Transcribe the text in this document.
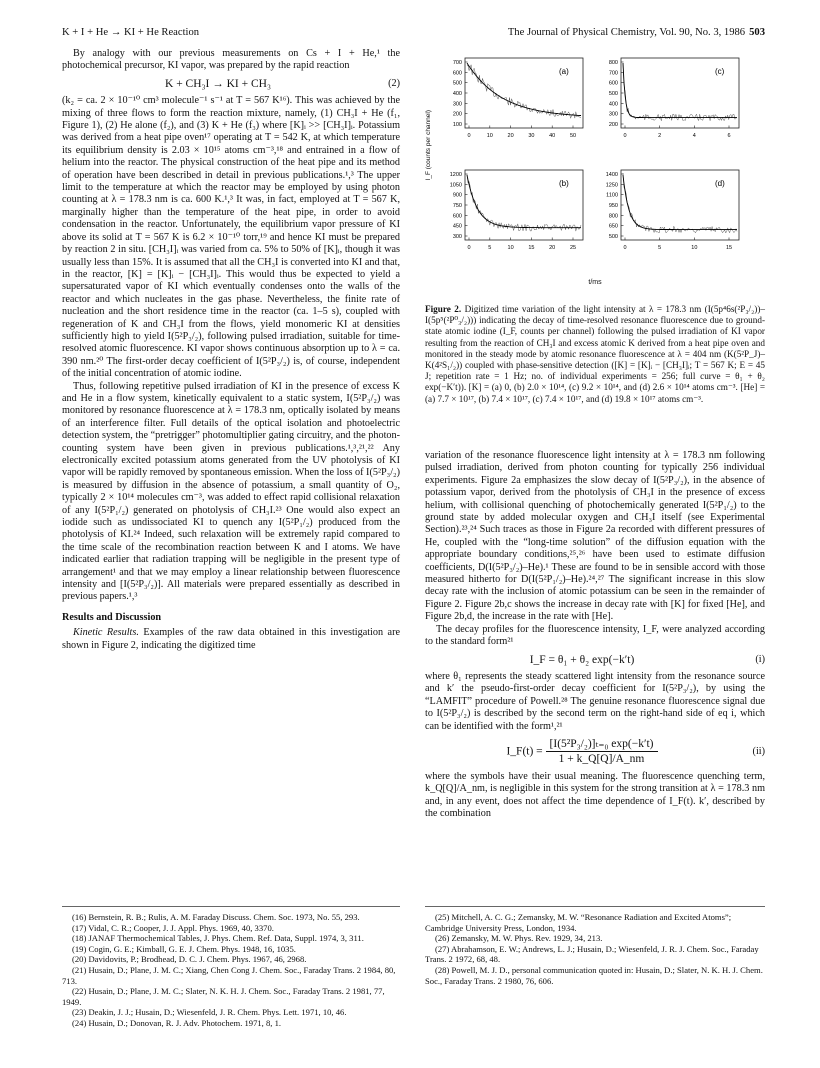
K + I + He → KI + He Reaction	The Journal of Physical Chemistry, Vol. 90, No. 3, 1986 503

By analogy with our previous measurements on Cs + I + He,¹ the photochemical precursor, KI vapor, was prepared by the rapid reaction

K + CH₃I → KI + CH₃	(2)

(k₂ = ca. 2 × 10⁻¹⁰ cm³ molecule⁻¹ s⁻¹ at T = 567 K¹⁶). This was achieved by the mixing of three flows to form the reaction mixture, namely, (1) CH₃I + He (f₁, Figure 1), (2) He alone (f₂), and (3) K + He (f₃) where [K]ᵢ >> [CH₃I]ᵢ. Potassium was derived from a heat pipe oven¹⁷ operating at T = 542 K, at which temperature its equilibrium density is 2.03 × 10¹⁵ atoms cm⁻³,¹⁸ and entrained in a flow of helium into the reactor. The physical construction of the heat pipe and its method of operation have been described in detail in previous publications.¹,³ The upper limit to the temperature at which the reactor may be employed by using photon counting at λ = 178.3 nm is ca. 600 K.¹,³ It was, in fact, employed at T = 567 K, marginally higher than the temperature of the heat pipe, in order to avoid condensation in the reactor. Unfortunately, the equilibrium vapor pressure of KI above its solid at T = 567 K is 6.2 × 10⁻¹⁰ torr,¹⁹ and hence KI must be prepared by reaction 2 in situ. [CH₃I]ᵢ was varied from ca. 5% to 50% of [K]ᵢ, though it was usually less than 15%. It is assumed that all the CH₃I is converted into KI and that, in the reactor, [K] = [K]ᵢ − [CH₃I]ᵢ. This would thus be expected to yield a supersaturated vapor of KI which eventually condenses onto the walls of the reactor and which nucleates in the gas phase. Nevertheless, the finite rate of nucleation and the short residence time in the reactor (ca. 1–5 s), coupled with regeneration of K and CH₃I from the flows, yield monomeric KI at densities sufficiently high to yield I(5²P₃/₂), following pulsed irradiation, suitable for time-resolved atomic fluorescence. KI vapor shows continuous absorption up to λ = ca. 390 nm.²⁰ The first-order decay coefficient of I(5²P₃/₂) is, of course, independent of the initial concentration of atomic iodine.

Thus, following repetitive pulsed irradiation of KI in the presence of excess K and He in a flow system, kinetically equivalent to a static system, I(5²P₃/₂) was monitored by resonance fluorescence at λ = 178.3 nm, optically isolated by means of an interference filter. Full details of the optical isolation and photoelectric detection system, the “pretrigger” photomultiplier gating circuitry, and the photon-counting system have been given in previous publications.¹,³,²¹,²² Any electronically excited potassium atoms generated from the UV photolysis of KI vapor will be rapidly removed by spontaneous emission. When the loss of I(5²P₃/₂) is measured by diffusion in the absence of potassium, a small quantity of O₂, typically 2 × 10¹⁴ molecules cm⁻³, was added to effect rapid collisional relaxation of any I(5²P₁/₂) generated on photolysis of CH₃I.²³ One would also expect an iodide such as undissociated KI to quench any I(5²P₁/₂) produced from the photolysis of KI.²⁴ Indeed, such relaxation will be extremely rapid compared to the time scale of the recombination reaction between K and I atoms. We have indicated earlier that radiation trapping will be negligible in the present type of arrangement¹ and that we may employ a linear relationship between fluorescence intensity and [I(5²P₃/₂)]. All materials were prepared essentially as described in previous papers.¹,³

Results and Discussion

Kinetic Results. Examples of the raw data obtained in this investigation are shown in Figure 2, indicating the digitized time

I_F (counts per channel)
t/ms
700
600
500
400
300
200
100
0	10	20	30	40	50
(a)
800
700
600
500
400
300
200
0	2	4	6
(c)
1200
1050
900
750
600
450
300
0	5	10	15	20	25
(b)
1400
1250
1100
950
800
650
500
0	5	10	15
(d)
Figure 2. Digitized time variation of the light intensity at λ = 178.3 nm (I(5p⁴6s(²P₃/₂))–I(5p⁵(²P⁰₃/₂))) indicating the decay of time-resolved resonance fluorescence due to ground-state atomic iodine (I_F, counts per channel) following the pulsed irradiation of KI vapor resulting from the reaction of CH₃I and excess atomic K derived from a heat pipe oven and monitored in the steady mode by atomic resonance fluorescence at λ = 404 nm (K(5²P_J)–K(4²S₁/₂)) coupled with phase-sensitive detection ([K] = [K]ᵢ − [CH₃I]ᵢ; T = 567 K; E = 45 J; repetition rate = 1 Hz; no. of individual experiments = 256; full curve = θ₁ + θ₂ exp(−K′t)). [K] = (a) 0, (b) 2.0 × 10¹⁴, (c) 9.2 × 10¹⁴, and (d) 2.6 × 10¹⁴ atoms cm⁻³. [He] = (a) 7.7 × 10¹⁷, (b) 7.4 × 10¹⁷, (c) 7.4 × 10¹⁷, and (d) 19.8 × 10¹⁷ atoms cm⁻³.

variation of the resonance fluorescence light intensity at λ = 178.3 nm following pulsed irradiation, derived from photon counting for typically 256 individual experiments. Figure 2a emphasizes the slow decay of I(5²P₃/₂), in the absence of potassium vapor, derived from the photolysis of CH₃I in the presence of excess helium, with collisional quenching of photochemically generated I(5²P₁/₂) to the ground state by added molecular oxygen and CH₃I itself (see Experimental Section).²³,²⁴ Such traces as those in Figure 2a recorded with different pressures of He, coupled with the “long-time solution” of the diffusion equation with the appropriate boundary conditions,²⁵,²⁶ have been used to estimate diffusion coefficients, D(I(5²P₃/₂)–He).¹ These are found to be in sensible accord with those measured hitherto for D(I(5²P₁/₂)–He).²⁴,²⁷ The significant increase in this slow decay rate with the inclusion of atomic potassium can be seen in the remainder of Figure 2. Figure 2b,c shows the increase in decay rate with [K] for fixed [He], and Figure 2b,d, the increase in the rate with [He].

The decay profiles for the fluorescence intensity, I_F, were analyzed according to the standard form²¹

I_F = θ₁ + θ₂ exp(−k′t)	(i)

where θ₁ represents the steady scattered light intensity from the resonance source and k′ the pseudo-first-order decay coefficient for I(5²P₃/₂), by using the “LAMFIT” procedure of Powell.²⁸ The genuine resonance fluorescence signal due to I(5²P₃/₂) is described by the second term on the right-hand side of eq i, which can be identified with the form¹,²¹

I_F(t) = $\frac{\text{[I(5²P₃/₂)]ₜ₌₀ exp(−k′t)}}{1 + k\_Q[Q]/A\_nm}$	(ii)

where the symbols have their usual meaning. The fluorescence quenching term, k_Q[Q]/A_nm, is negligible in this system for the strong transition at λ = 178.3 nm and, in any event, does not affect the time dependence of I_F(t). k′, described by the combination

(16) Bernstein, R. B.; Rulis, A. M. Faraday Discuss. Chem. Soc. 1973, No. 55, 293.
(17) Vidal, C. R.; Cooper, J. J. Appl. Phys. 1969, 40, 3370.
(18) JANAF Thermochemical Tables, J. Phys. Chem. Ref. Data, Suppl. 1974, 3, 311.
(19) Cogin, G. E.; Kimball, G. E. J. Chem. Phys. 1948, 16, 1035.
(20) Davidovits, P.; Brodhead, D. C. J. Chem. Phys. 1967, 46, 2968.
(21) Husain, D.; Plane, J. M. C.; Xiang, Chen Cong J. Chem. Soc., Faraday Trans. 2 1984, 80, 713.
(22) Husain, D.; Plane, J. M. C.; Slater, N. K. H. J. Chem. Soc., Faraday Trans. 2 1981, 77, 1949.
(23) Deakin, J. J.; Husain, D.; Wiesenfeld, J. R. Chem. Phys. Lett. 1971, 10, 46.
(24) Husain, D.; Donovan, R. J. Adv. Photochem. 1971, 8, 1.
(25) Mitchell, A. C. G.; Zemansky, M. W. “Resonance Radiation and Excited Atoms”; Cambridge University Press, London, 1934.
(26) Zemansky, M. W. Phys. Rev. 1929, 34, 213.
(27) Abrahamson, E. W.; Andrews, L. J.; Husain, D.; Wiesenfeld, J. R. J. Chem. Soc., Faraday Trans. 2 1972, 68, 48.
(28) Powell, M. J. D., personal communication quoted in: Husain, D.; Slater, N. K. H. J. Chem. Soc., Faraday Trans. 2 1980, 76, 606.
